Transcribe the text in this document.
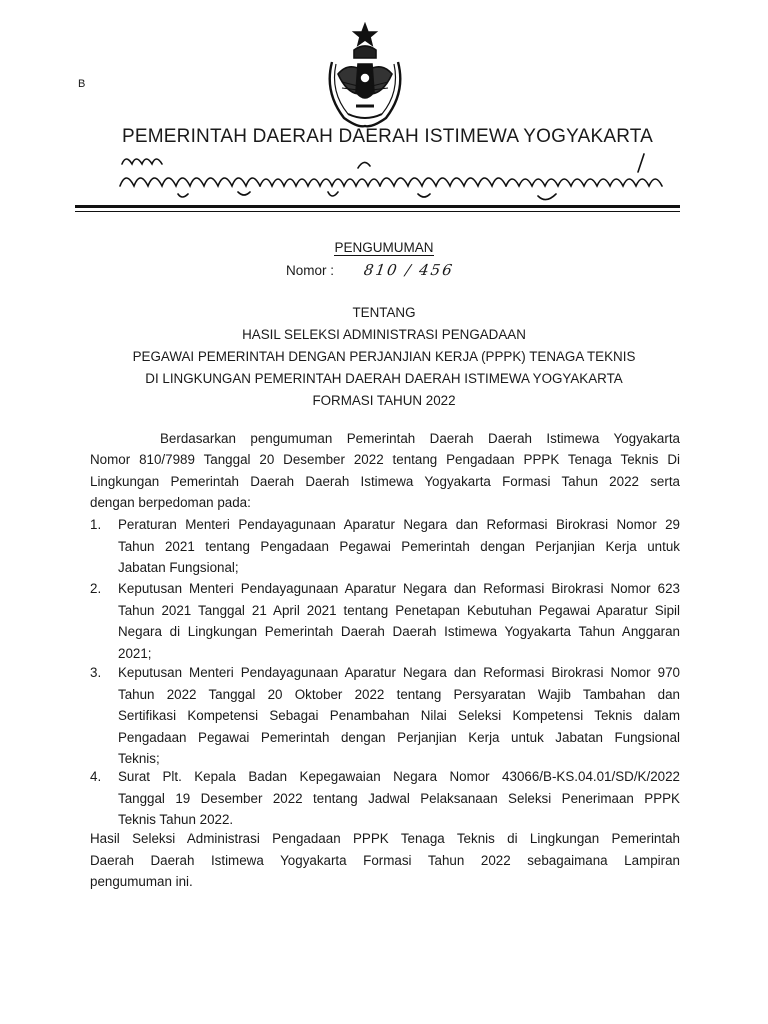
B
PEMERINTAH DAERAH DAERAH ISTIMEWA YOGYAKARTA
PENGUMUMAN
Nomor : 810 / 456
TENTANG
HASIL SELEKSI ADMINISTRASI PENGADAAN
PEGAWAI PEMERINTAH DENGAN PERJANJIAN KERJA (PPPK) TENAGA TEKNIS
DI LINGKUNGAN PEMERINTAH DAERAH DAERAH ISTIMEWA YOGYAKARTA
FORMASI TAHUN 2022
Berdasarkan pengumuman Pemerintah Daerah Daerah Istimewa Yogyakarta
Nomor 810/7989 Tanggal 20 Desember 2022 tentang Pengadaan PPPK Tenaga Teknis Di
Lingkungan Pemerintah Daerah Daerah Istimewa Yogyakarta Formasi Tahun 2022 serta
dengan berpedoman pada:
1. Peraturan Menteri Pendayagunaan Aparatur Negara dan Reformasi Birokrasi Nomor 29
Tahun 2021 tentang Pengadaan Pegawai Pemerintah dengan Perjanjian Kerja untuk
Jabatan Fungsional;
2. Keputusan Menteri Pendayagunaan Aparatur Negara dan Reformasi Birokrasi Nomor 623
Tahun 2021 Tanggal 21 April 2021 tentang Penetapan Kebutuhan Pegawai Aparatur Sipil
Negara di Lingkungan Pemerintah Daerah Daerah Istimewa Yogyakarta Tahun Anggaran
2021;
3. Keputusan Menteri Pendayagunaan Aparatur Negara dan Reformasi Birokrasi Nomor 970
Tahun 2022 Tanggal 20 Oktober 2022 tentang Persyaratan Wajib Tambahan dan
Sertifikasi Kompetensi Sebagai Penambahan Nilai Seleksi Kompetensi Teknis dalam
Pengadaan Pegawai Pemerintah dengan Perjanjian Kerja untuk Jabatan Fungsional
Teknis;
4. Surat Plt. Kepala Badan Kepegawaian Negara Nomor 43066/B-KS.04.01/SD/K/2022
Tanggal 19 Desember 2022 tentang Jadwal Pelaksanaan Seleksi Penerimaan PPPK
Teknis Tahun 2022.
Hasil Seleksi Administrasi Pengadaan PPPK Tenaga Teknis di Lingkungan Pemerintah
Daerah Daerah Istimewa Yogyakarta Formasi Tahun 2022 sebagaimana Lampiran
pengumuman ini.
